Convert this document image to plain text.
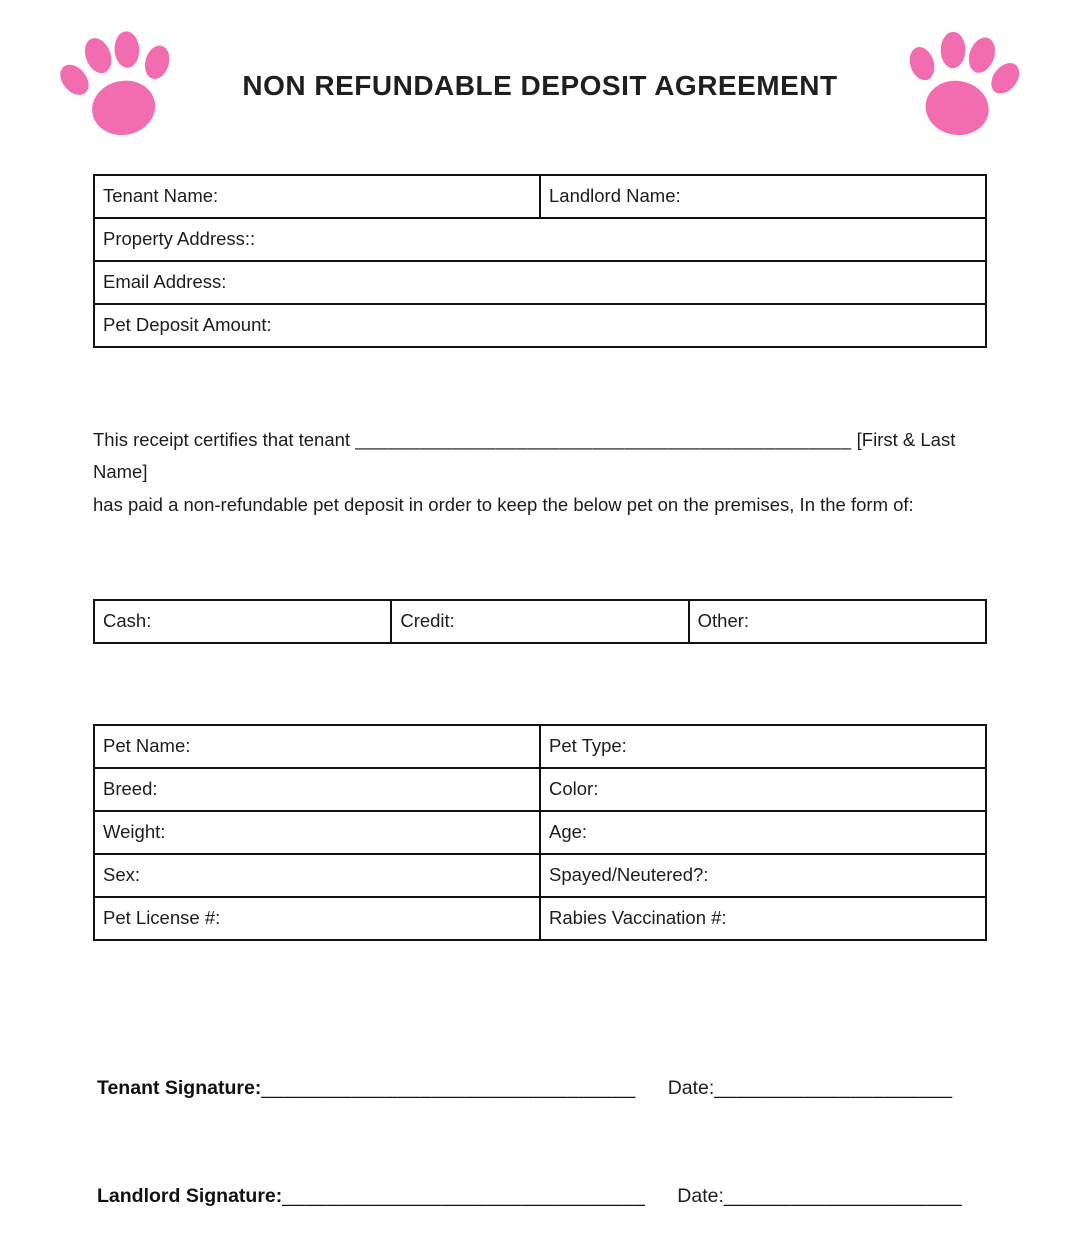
NON REFUNDABLE DEPOSIT AGREEMENT
Tenant Name:	Landlord Name:
Property Address::
Email Address:
Pet Deposit Amount:

This receipt certifies that tenant ______________________________________________ [First & Last Name]
has paid a non-refundable pet deposit in order to keep the below pet on the premises, In the form of:

Cash:	Credit:	Other:
Pet Name:	Pet Type:
Breed:	Color:
Weight:	Age:
Sex:	Spayed/Neutered?:
Pet License #:	Rabies Vaccination #:
Tenant Signature: _________________________________ Date:_____________________
Landlord Signature: ________________________________ Date:_____________________
